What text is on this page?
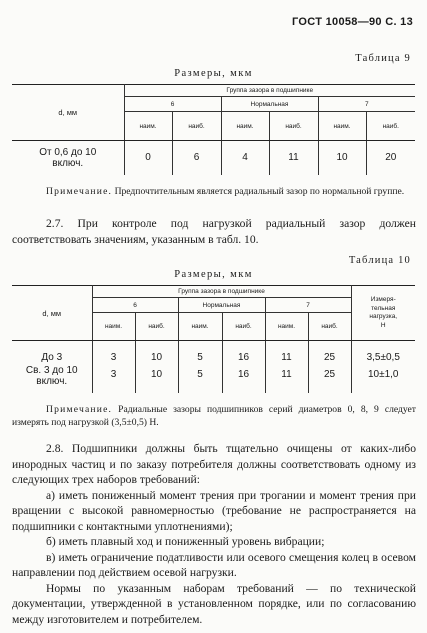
ГОСТ 10058—90 С. 13
Таблица 9
Размеры, мкм
d, мм	Группа зазора в подшипнике					
	6		Нормальная		7	
	наим.	наиб.	наим.	наиб.	наим.	наиб.

От 0,6 до 10
включ.	0	6	4	11	10	20
Примечание. Предпочтительным является радиальный зазор по нормальной группе.
2.7. При контроле под нагрузкой радиальный зазор должен соответствовать значениям, указанным в табл. 10.
Таблица 10
Размеры, мкм
d, мм	Группа зазора в подшипнике						Измеря-
тельная
нагрузка,
Н

	6		Нормальная		7		
	наим.	наиб.	наим.	наиб.	наим.	наиб.	
До 3	3	10	5	16	11	25	3,5±0,5

Св. 3 до 10
включ.	3	10	5	16	11	25	10±1,0
Примечание. Радиальные зазоры подшипников серий диаметров 0, 8, 9 следует измерять под нагрузкой (3,5±0,5) Н.
2.8. Подшипники должны быть тщательно очищены от каких-либо инородных частиц и по заказу потребителя должны соответствовать одному из следующих трех наборов требований:
а) иметь пониженный момент трения при трогании и момент трения при вращении с высокой равномерностью (требование не распространяется на подшипники с контактными уплотнениями);
б) иметь плавный ход и пониженный уровень вибрации;
в) иметь ограничение податливости или осевого смещения колец в осевом направлении под действием осевой нагрузки.
Нормы по указанным наборам требований — по технической документации, утвержденной в установленном порядке, или по согласованию между изготовителем и потребителем.
